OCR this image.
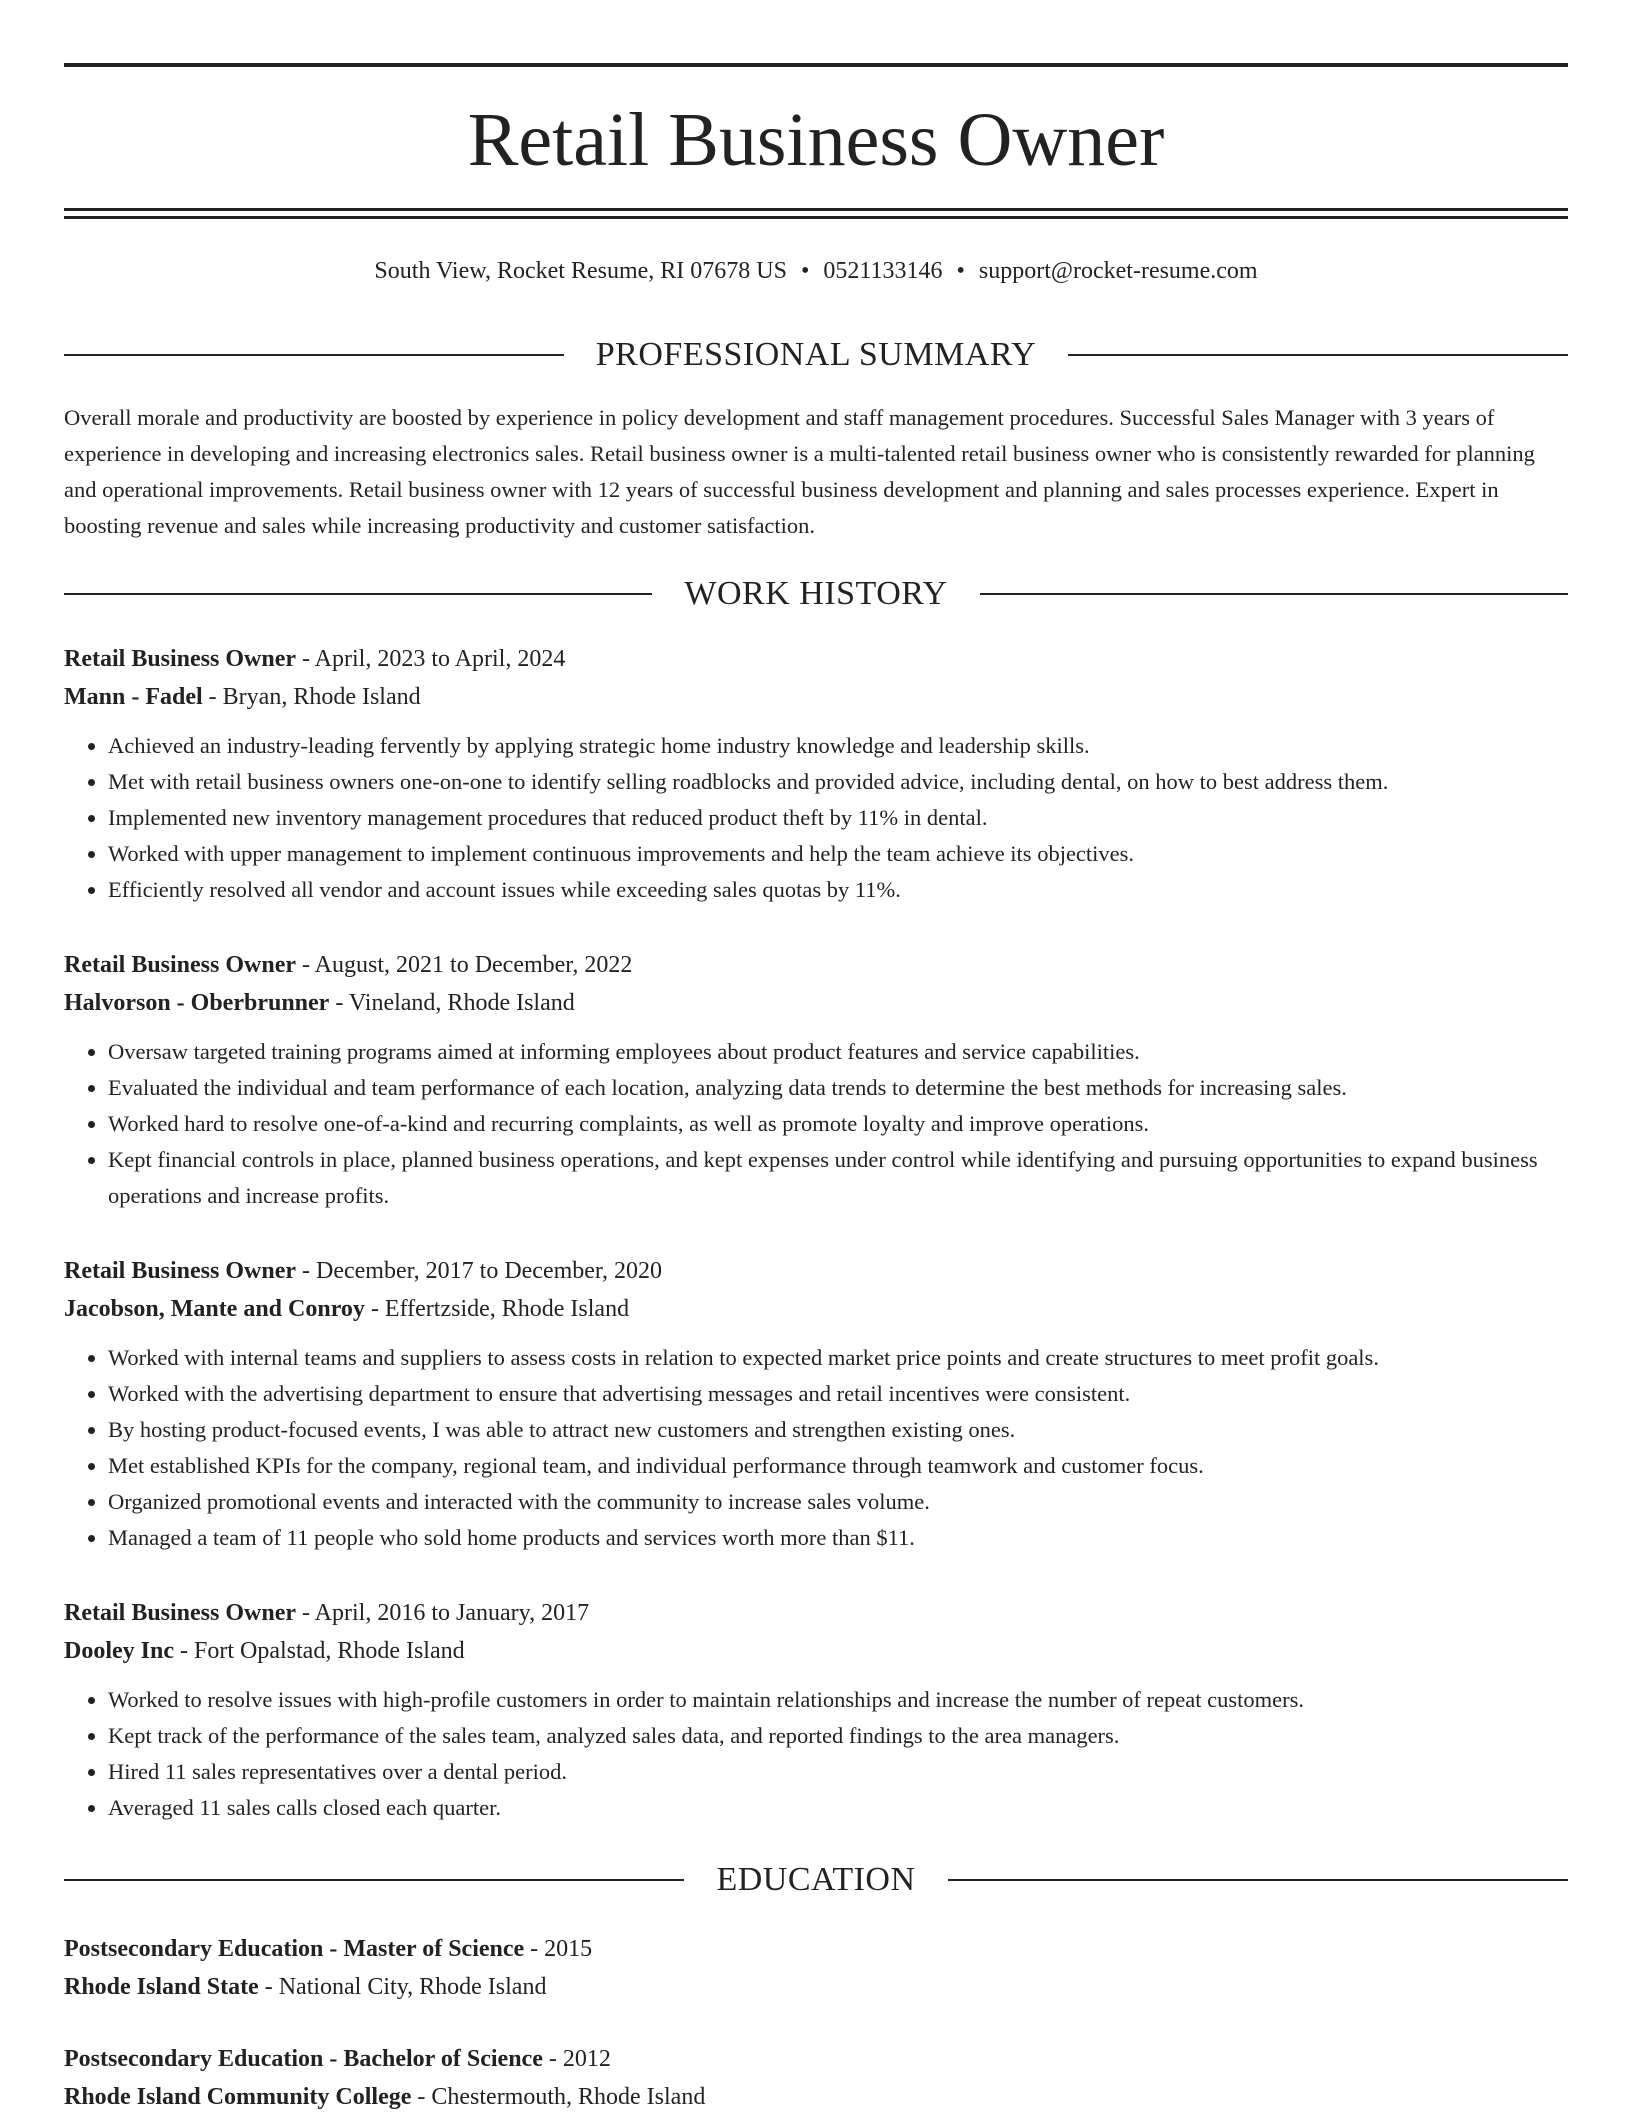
Retail Business Owner
South View, Rocket Resume, RI 07678 US • 0521133146 • support@rocket-resume.com
PROFESSIONAL SUMMARY

Overall morale and productivity are boosted by experience in policy development and staff management procedures. Successful Sales Manager with 3 years of experience in developing and increasing electronics sales. Retail business owner is a multi-talented retail business owner who is consistently rewarded for planning and operational improvements. Retail business owner with 12 years of successful business development and planning and sales processes experience. Expert in boosting revenue and sales while increasing productivity and customer satisfaction.

WORK HISTORY
Retail Business Owner - April, 2023 to April, 2024
Mann - Fadel - Bryan, Rhode Island
• Achieved an industry-leading fervently by applying strategic home industry knowledge and leadership skills.
• Met with retail business owners one-on-one to identify selling roadblocks and provided advice, including dental, on how to best address them.
• Implemented new inventory management procedures that reduced product theft by 11% in dental.
• Worked with upper management to implement continuous improvements and help the team achieve its objectives.
• Efficiently resolved all vendor and account issues while exceeding sales quotas by 11%.
Retail Business Owner - August, 2021 to December, 2022
Halvorson - Oberbrunner - Vineland, Rhode Island
• Oversaw targeted training programs aimed at informing employees about product features and service capabilities.
• Evaluated the individual and team performance of each location, analyzing data trends to determine the best methods for increasing sales.
• Worked hard to resolve one-of-a-kind and recurring complaints, as well as promote loyalty and improve operations.
• Kept financial controls in place, planned business operations, and kept expenses under control while identifying and pursuing opportunities to expand business operations and increase profits.
Retail Business Owner - December, 2017 to December, 2020
Jacobson, Mante and Conroy - Effertzside, Rhode Island
• Worked with internal teams and suppliers to assess costs in relation to expected market price points and create structures to meet profit goals.
• Worked with the advertising department to ensure that advertising messages and retail incentives were consistent.
• By hosting product-focused events, I was able to attract new customers and strengthen existing ones.
• Met established KPIs for the company, regional team, and individual performance through teamwork and customer focus.
• Organized promotional events and interacted with the community to increase sales volume.
• Managed a team of 11 people who sold home products and services worth more than $11.
Retail Business Owner - April, 2016 to January, 2017
Dooley Inc - Fort Opalstad, Rhode Island
• Worked to resolve issues with high-profile customers in order to maintain relationships and increase the number of repeat customers.
• Kept track of the performance of the sales team, analyzed sales data, and reported findings to the area managers.
• Hired 11 sales representatives over a dental period.
• Averaged 11 sales calls closed each quarter.
EDUCATION
Postsecondary Education - Master of Science - 2015
Rhode Island State - National City, Rhode Island
Postsecondary Education - Bachelor of Science - 2012
Rhode Island Community College - Chestermouth, Rhode Island
